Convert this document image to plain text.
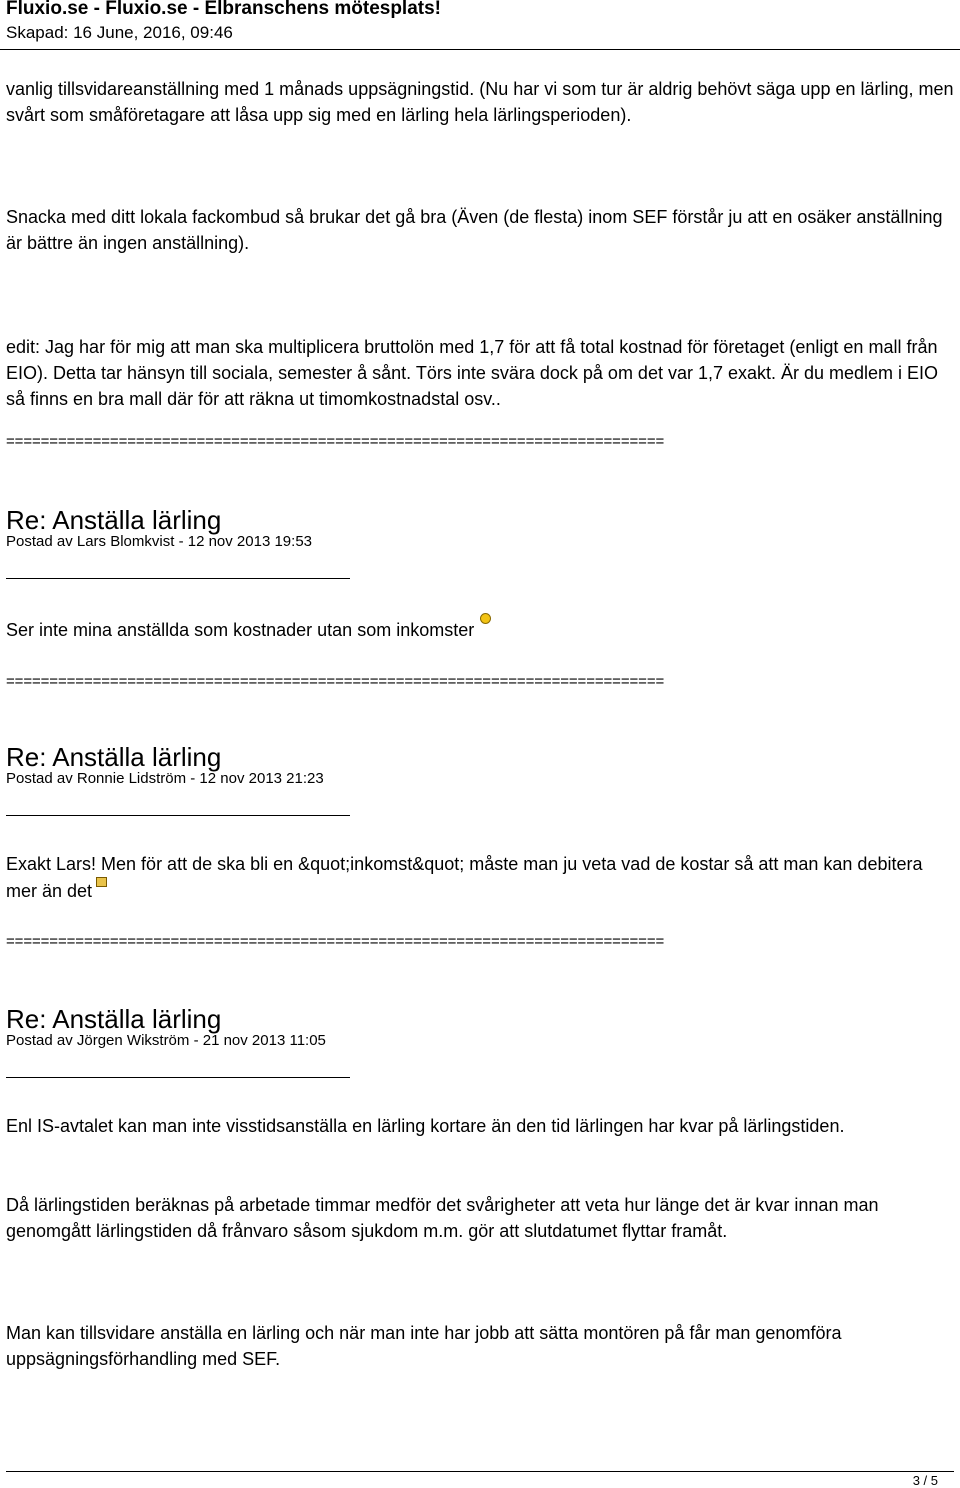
Fluxio.se - Fluxio.se - Elbranschens mötesplats!
Skapad: 16 June, 2016, 09:46

vanlig tillsvidareanställning med 1 månads uppsägningstid. (Nu har vi som tur är aldrig behövt säga upp en lärling, men svårt som småföretagare att låsa upp sig med en lärling hela lärlingsperioden).

Snacka med ditt lokala fackombud så brukar det gå bra (Även (de flesta) inom SEF förstår ju att en osäker anställning är bättre än ingen anställning).

edit: Jag har för mig att man ska multiplicera bruttolön med 1,7 för att få total kostnad för företaget (enligt en mall från EIO). Detta tar hänsyn till sociala, semester å sånt. Törs inte svära dock på om det var 1,7 exakt. Är du medlem i EIO så finns en bra mall där för att räkna ut timomkostnadstal osv..

============================================================================
Re: Anställa lärling
Postad av Lars Blomkvist - 12 nov 2013 19:53
Ser inte mina anställda som kostnader utan som inkomster
============================================================================
Re: Anställa lärling
Postad av Ronnie Lidström - 12 nov 2013 21:23
Exakt Lars! Men för att de ska bli en &quot;inkomst&quot; måste man ju veta vad de kostar så att man kan debitera mer än det
============================================================================
Re: Anställa lärling
Postad av Jörgen Wikström - 21 nov 2013 11:05

Enl IS-avtalet kan man inte visstidsanställa en lärling kortare än den tid lärlingen har kvar på lärlingstiden.

Då lärlingstiden beräknas på arbetade timmar medför det svårigheter att veta hur länge det är kvar innan man genomgått lärlingstiden då frånvaro såsom sjukdom m.m. gör att slutdatumet flyttar framåt.

Man kan tillsvidare anställa en lärling och när man inte har jobb att sätta montören på får man genomföra uppsägningsförhandling med SEF.

3 / 5
